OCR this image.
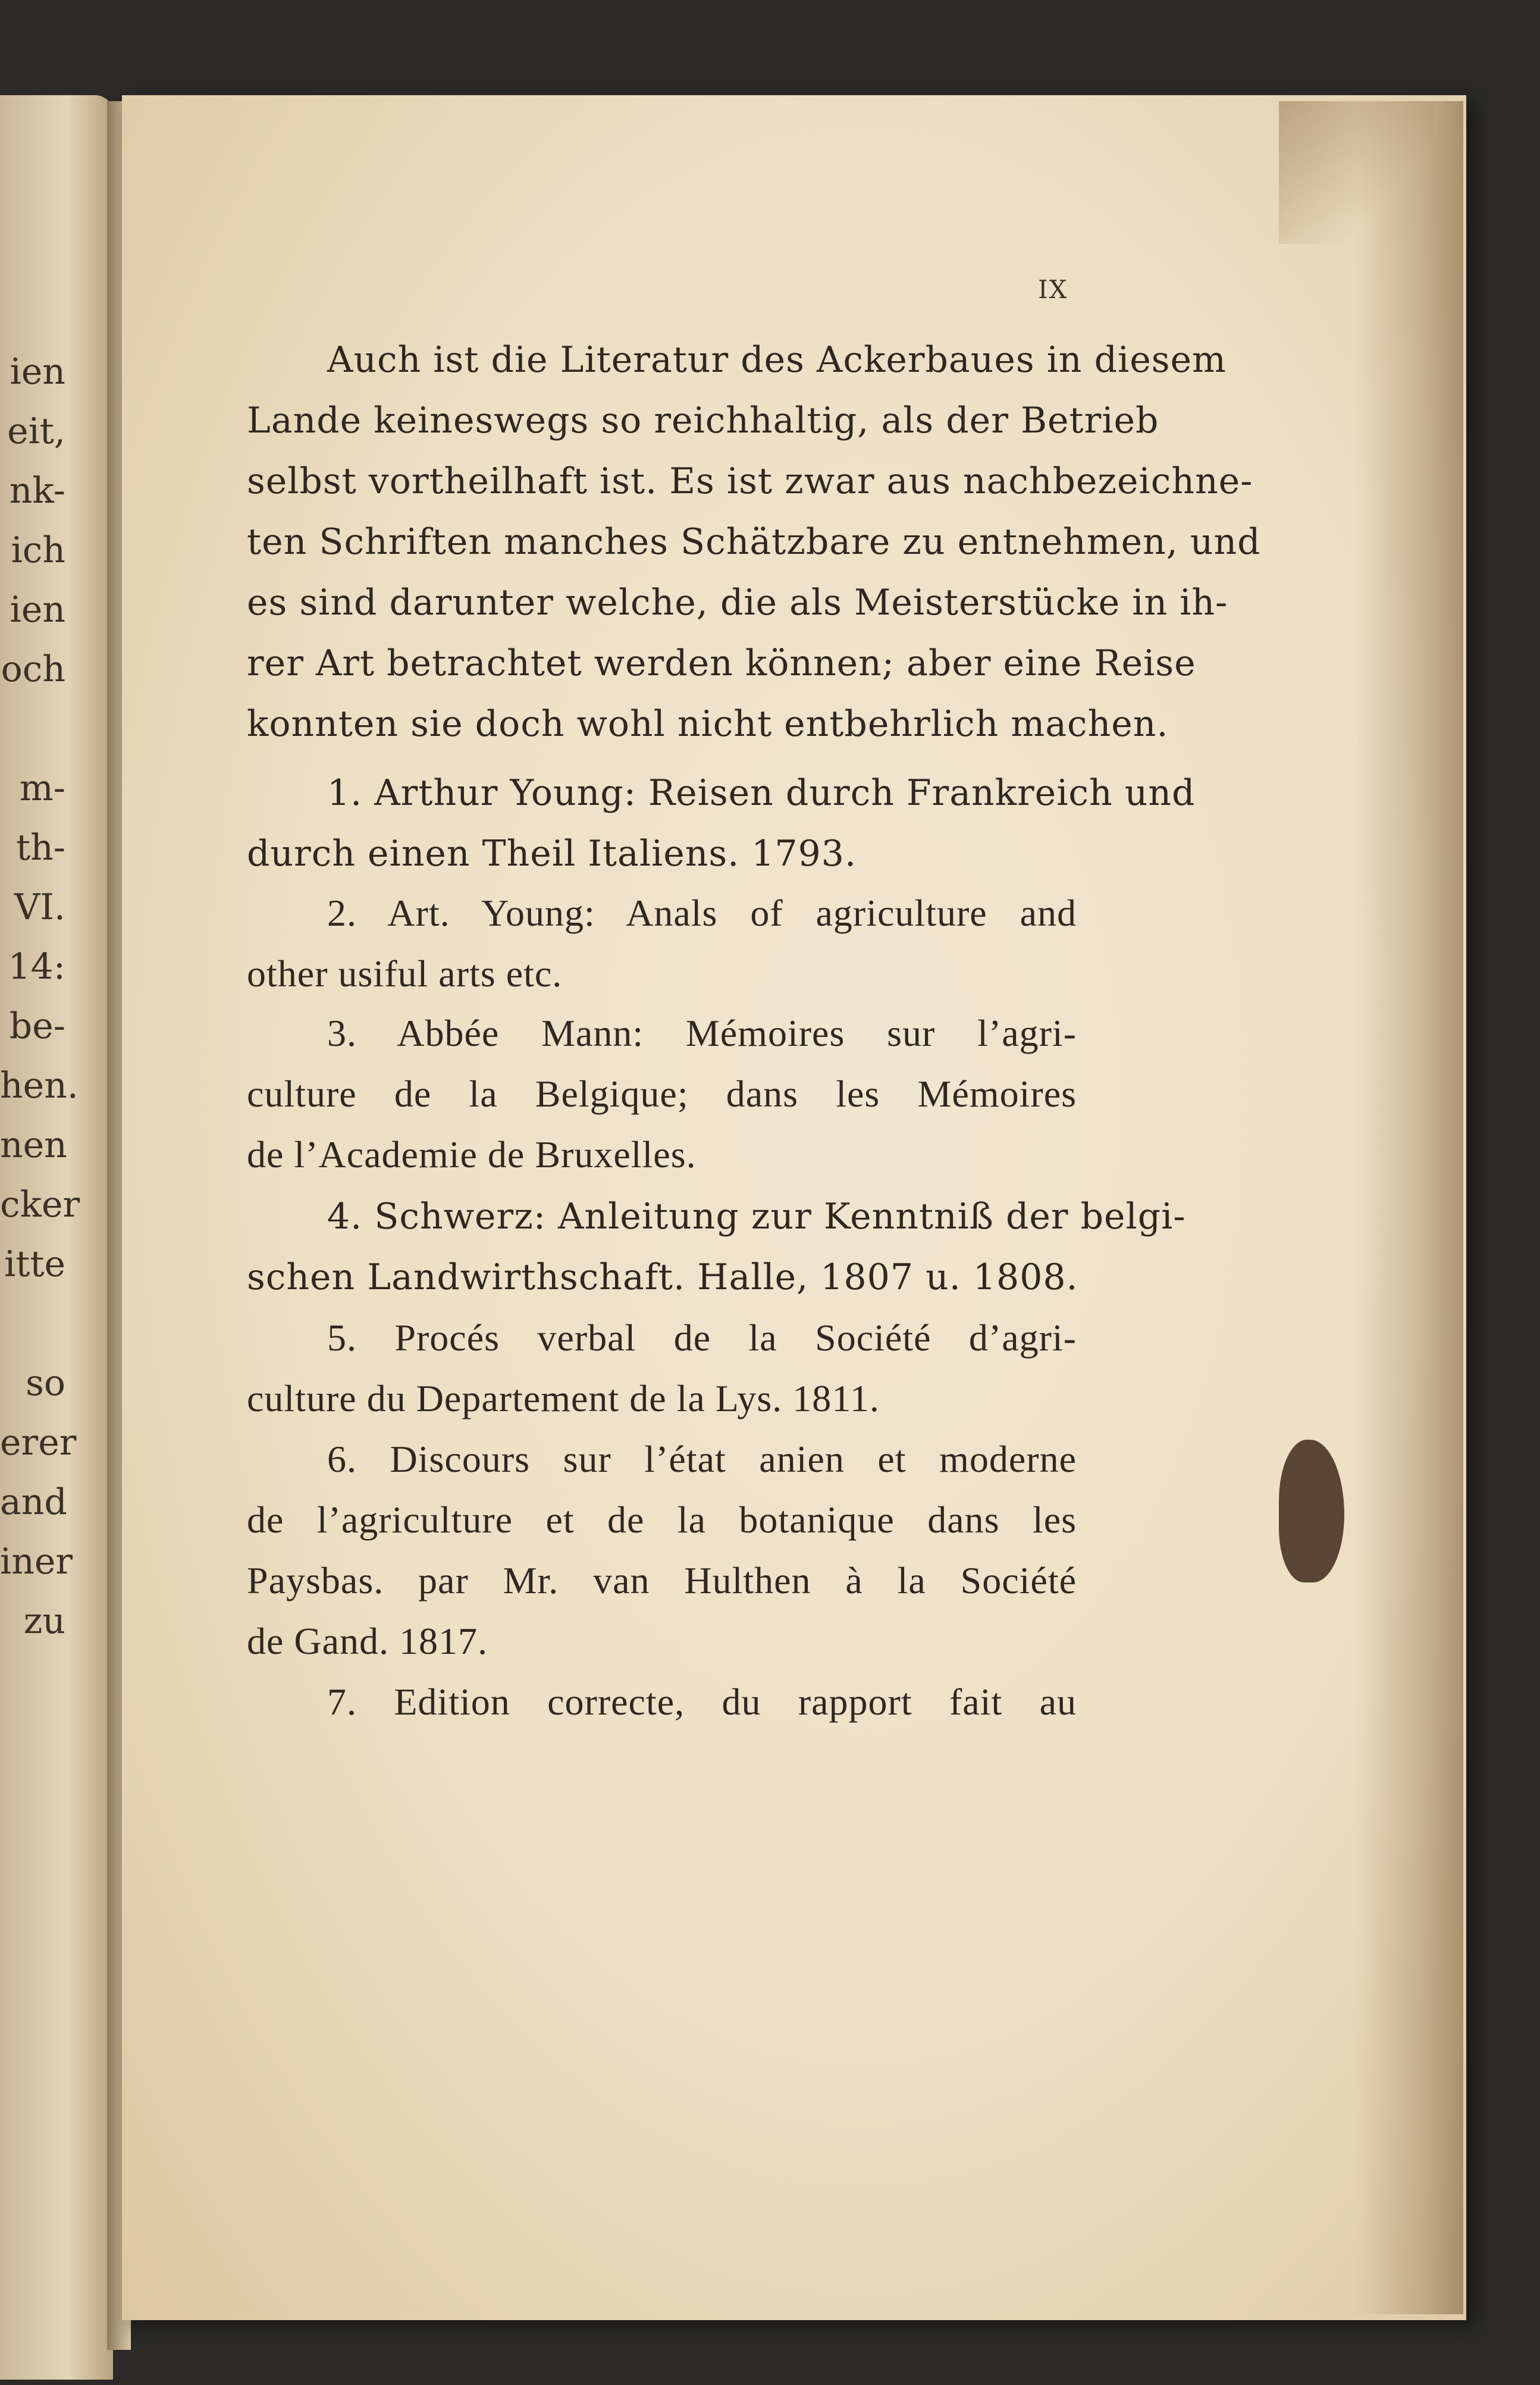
ien
eit,
nk-
ich
ien
och
m-
th-
VI.
14:
be-
hen.
nen
cker
itte
so
erer
and
iner
zu
IX
Auch ist die Literatur des Ackerbaues in diesem
Lande keineswegs so reichhaltig, als der Betrieb
selbst vortheilhaft ist. Es ist zwar aus nachbezeichne-
ten Schriften manches Schätzbare zu entnehmen, und
es sind darunter welche, die als Meisterstücke in ih-
rer Art betrachtet werden können; aber eine Reise
konnten sie doch wohl nicht entbehrlich machen.
1. Arthur Young: Reisen durch Frankreich und
durch einen Theil Italiens. 1793.
2. Art. Young: Anals of agriculture and
other usiful arts etc.
3. Abbée Mann: Mémoires sur l’agri-
culture de la Belgique; dans les Mémoires
de l’Academie de Bruxelles.
4. Schwerz: Anleitung zur Kenntniß der belgi-
schen Landwirthschaft. Halle, 1807 u. 1808.
5. Procés verbal de la Société d’agri-
culture du Departement de la Lys. 1811.
6. Discours sur l’état anien et moderne
de l’agriculture et de la botanique dans les
Paysbas. par Mr. van Hulthen à la Société
de Gand. 1817.
7. Edition correcte, du rapport fait au
